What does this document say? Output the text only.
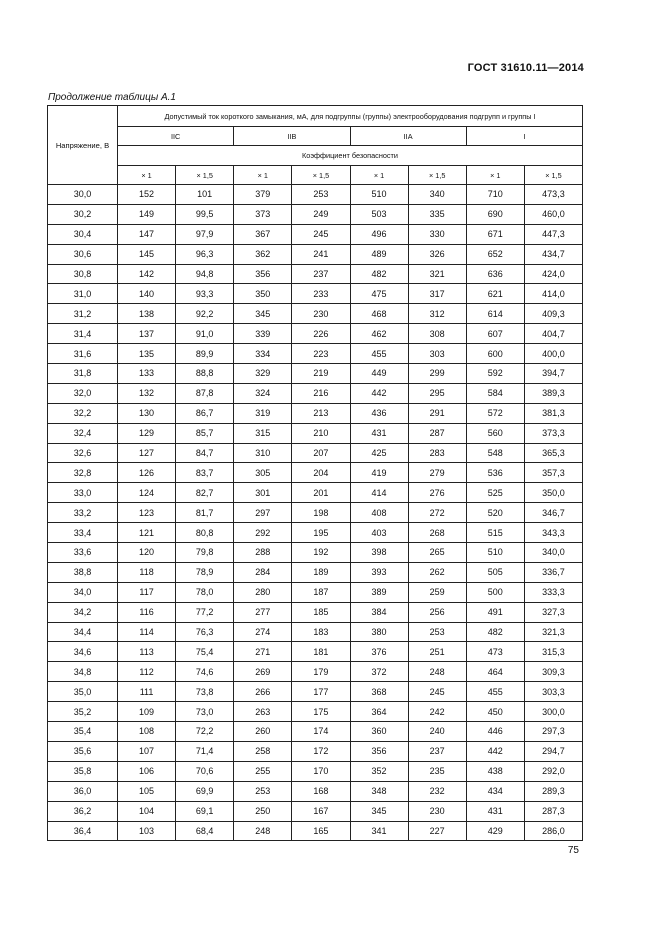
ГОСТ 31610.11—2014
Продолжение таблицы А.1
Напряжение, В	Допустимый ток короткого замыкания, мА, для подгруппы (группы) электрооборудования подгрупп и группы I							
	IIC		IIB		IIA		I	
	Коэффициент безопасности							
	× 1	× 1,5	× 1	× 1,5	× 1	× 1,5	× 1	× 1,5
30,0	152	101	379	253	510	340	710	473,3
30,2	149	99,5	373	249	503	335	690	460,0
30,4	147	97,9	367	245	496	330	671	447,3
30,6	145	96,3	362	241	489	326	652	434,7
30,8	142	94,8	356	237	482	321	636	424,0
31,0	140	93,3	350	233	475	317	621	414,0
31,2	138	92,2	345	230	468	312	614	409,3
31,4	137	91,0	339	226	462	308	607	404,7
31,6	135	89,9	334	223	455	303	600	400,0
31,8	133	88,8	329	219	449	299	592	394,7
32,0	132	87,8	324	216	442	295	584	389,3
32,2	130	86,7	319	213	436	291	572	381,3
32,4	129	85,7	315	210	431	287	560	373,3
32,6	127	84,7	310	207	425	283	548	365,3
32,8	126	83,7	305	204	419	279	536	357,3
33,0	124	82,7	301	201	414	276	525	350,0
33,2	123	81,7	297	198	408	272	520	346,7
33,4	121	80,8	292	195	403	268	515	343,3
33,6	120	79,8	288	192	398	265	510	340,0
38,8	118	78,9	284	189	393	262	505	336,7
34,0	117	78,0	280	187	389	259	500	333,3
34,2	116	77,2	277	185	384	256	491	327,3
34,4	114	76,3	274	183	380	253	482	321,3
34,6	113	75,4	271	181	376	251	473	315,3
34,8	112	74,6	269	179	372	248	464	309,3
35,0	111	73,8	266	177	368	245	455	303,3
35,2	109	73,0	263	175	364	242	450	300,0
35,4	108	72,2	260	174	360	240	446	297,3
35,6	107	71,4	258	172	356	237	442	294,7
35,8	106	70,6	255	170	352	235	438	292,0
36,0	105	69,9	253	168	348	232	434	289,3
36,2	104	69,1	250	167	345	230	431	287,3
36,4	103	68,4	248	165	341	227	429	286,0
75
